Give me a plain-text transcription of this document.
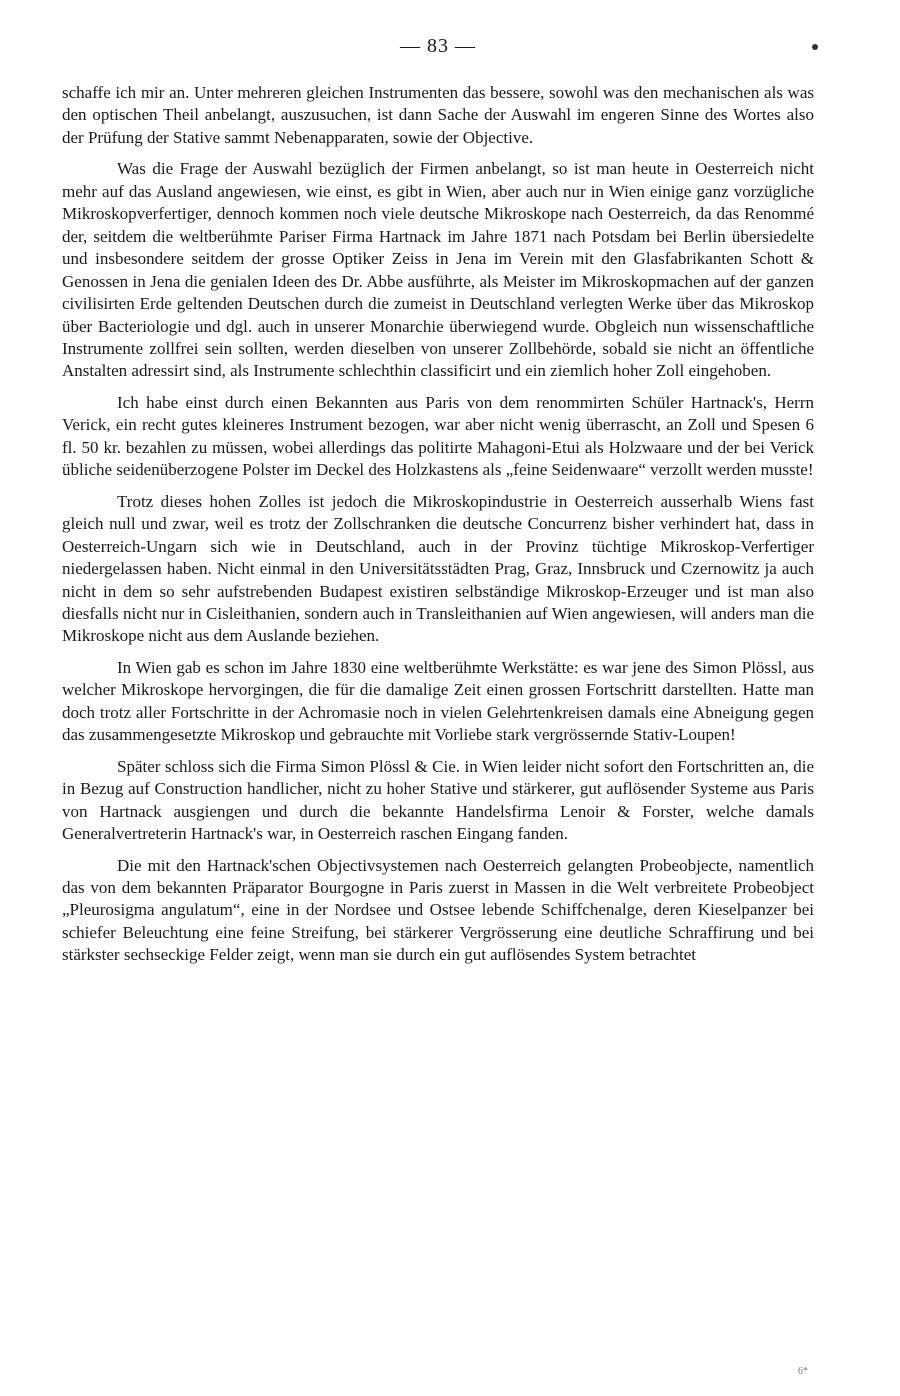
— 83 —

schaffe ich mir an. Unter mehreren gleichen Instrumenten das bessere, sowohl was den mechanischen als was den optischen Theil anbelangt, auszusuchen, ist dann Sache der Auswahl im engeren Sinne des Wortes also der Prüfung der Stative sammt Nebenapparaten, sowie der Objective.

Was die Frage der Auswahl bezüglich der Firmen anbelangt, so ist man heute in Oesterreich nicht mehr auf das Ausland angewiesen, wie einst, es gibt in Wien, aber auch nur in Wien einige ganz vorzügliche Mikroskopverfertiger, dennoch kommen noch viele deutsche Mikroskope nach Oesterreich, da das Renommé der, seitdem die weltberühmte Pariser Firma Hartnack im Jahre 1871 nach Potsdam bei Berlin übersiedelte und insbesondere seitdem der grosse Optiker Zeiss in Jena im Verein mit den Glasfabrikanten Schott & Genossen in Jena die genialen Ideen des Dr. Abbe ausführte, als Meister im Mikroskopmachen auf der ganzen civilisirten Erde geltenden Deutschen durch die zumeist in Deutschland verlegten Werke über das Mikroskop über Bacteriologie und dgl. auch in unserer Monarchie überwiegend wurde. Obgleich nun wissenschaftliche Instrumente zollfrei sein sollten, werden dieselben von unserer Zollbehörde, sobald sie nicht an öffentliche Anstalten adressirt sind, als Instrumente schlechthin classificirt und ein ziemlich hoher Zoll eingehoben.

Ich habe einst durch einen Bekannten aus Paris von dem renommirten Schüler Hartnack's, Herrn Verick, ein recht gutes kleineres Instrument bezogen, war aber nicht wenig überrascht, an Zoll und Spesen 6 fl. 50 kr. bezahlen zu müssen, wobei allerdings das politirte Mahagoni-Etui als Holzwaare und der bei Verick übliche seidenüberzogene Polster im Deckel des Holzkastens als „feine Seidenwaare“ verzollt werden musste!

Trotz dieses hohen Zolles ist jedoch die Mikroskopindustrie in Oesterreich ausserhalb Wiens fast gleich null und zwar, weil es trotz der Zollschranken die deutsche Concurrenz bisher verhindert hat, dass in Oesterreich-Ungarn sich wie in Deutschland, auch in der Provinz tüchtige Mikroskop-Verfertiger niedergelassen haben. Nicht einmal in den Universitätsstädten Prag, Graz, Innsbruck und Czernowitz ja auch nicht in dem so sehr aufstrebenden Budapest existiren selbständige Mikroskop-Erzeuger und ist man also diesfalls nicht nur in Cisleithanien, sondern auch in Transleithanien auf Wien angewiesen, will anders man die Mikroskope nicht aus dem Auslande beziehen.

In Wien gab es schon im Jahre 1830 eine weltberühmte Werkstätte: es war jene des Simon Plössl, aus welcher Mikroskope hervorgingen, die für die damalige Zeit einen grossen Fortschritt darstellten. Hatte man doch trotz aller Fortschritte in der Achromasie noch in vielen Gelehrtenkreisen damals eine Abneigung gegen das zusammengesetzte Mikroskop und gebrauchte mit Vorliebe stark vergrössernde Stativ-Loupen!

Später schloss sich die Firma Simon Plössl & Cie. in Wien leider nicht sofort den Fortschritten an, die in Bezug auf Construction handlicher, nicht zu hoher Stative und stärkerer, gut auflösender Systeme aus Paris von Hartnack ausgiengen und durch die bekannte Handelsfirma Lenoir & Forster, welche damals Generalvertreterin Hartnack's war, in Oesterreich raschen Eingang fanden.

Die mit den Hartnack'schen Objectivsystemen nach Oesterreich gelangten Probeobjecte, namentlich das von dem bekannten Präparator Bourgogne in Paris zuerst in Massen in die Welt verbreitete Probeobject „Pleurosigma angulatum“, eine in der Nordsee und Ostsee lebende Schiffchenalge, deren Kieselpanzer bei schiefer Beleuchtung eine feine Streifung, bei stärkerer Vergrösserung eine deutliche Schraffirung und bei stärkster sechseckige Felder zeigt, wenn man sie durch ein gut auflösendes System betrachtet

6*
